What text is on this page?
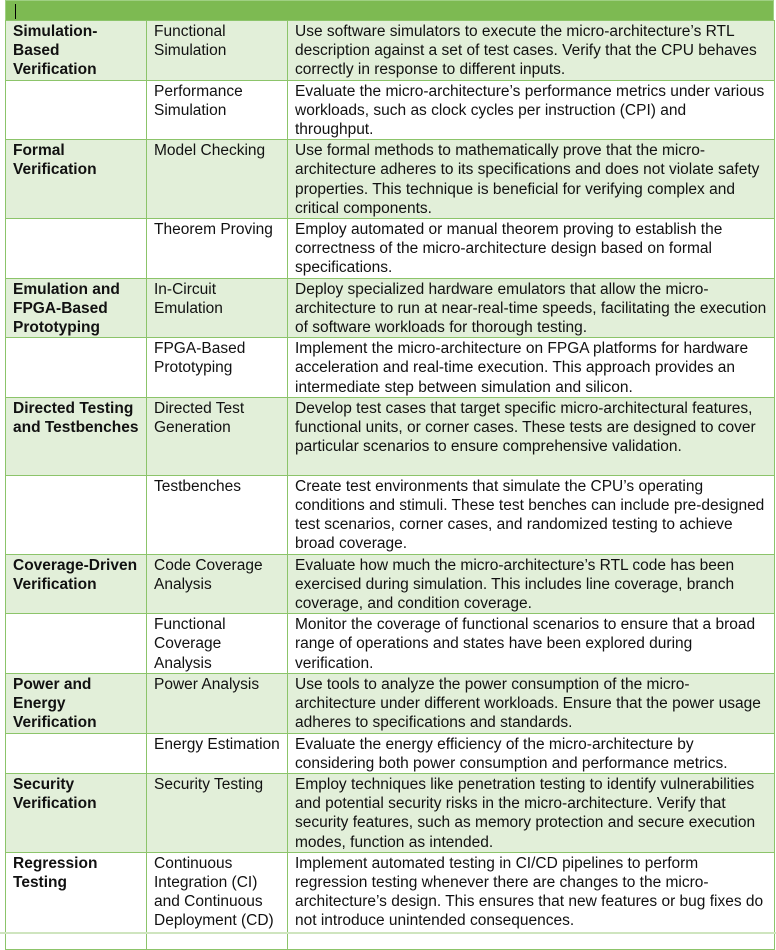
Simulation-Based Verification	Functional Simulation	Use software simulators to execute the micro-architecture’s RTL description against a set of test cases. Verify that the CPU behaves correctly in response to different inputs.
	Performance Simulation	Evaluate the micro-architecture’s performance metrics under various workloads, such as clock cycles per instruction (CPI) and throughput.
Formal Verification	Model Checking	Use formal methods to mathematically prove that the micro-architecture adheres to its specifications and does not violate safety properties. This technique is beneficial for verifying complex and critical components.
	Theorem Proving	Employ automated or manual theorem proving to establish the correctness of the micro-architecture design based on formal specifications.
Emulation and FPGA-Based Prototyping	In-Circuit Emulation	Deploy specialized hardware emulators that allow the micro-architecture to run at near-real-time speeds, facilitating the execution of software workloads for thorough testing.
	FPGA-Based Prototyping	Implement the micro-architecture on FPGA platforms for hardware acceleration and real-time execution. This approach provides an intermediate step between simulation and silicon.
Directed Testing and Testbenches	Directed Test Generation	Develop test cases that target specific micro-architectural features, functional units, or corner cases. These tests are designed to cover particular scenarios to ensure comprehensive validation.
	Testbenches	Create test environments that simulate the CPU’s operating conditions and stimuli. These test benches can include pre-designed test scenarios, corner cases, and randomized testing to achieve broad coverage.
Coverage-Driven Verification	Code Coverage Analysis	Evaluate how much the micro-architecture’s RTL code has been exercised during simulation. This includes line coverage, branch coverage, and condition coverage.
	Functional Coverage Analysis	Monitor the coverage of functional scenarios to ensure that a broad range of operations and states have been explored during verification.
Power and Energy Verification	Power Analysis	Use tools to analyze the power consumption of the micro-architecture under different workloads. Ensure that the power usage adheres to specifications and standards.
	Energy Estimation	Evaluate the energy efficiency of the micro-architecture by considering both power consumption and performance metrics.
Security Verification	Security Testing	Employ techniques like penetration testing to identify vulnerabilities and potential security risks in the micro-architecture. Verify that security features, such as memory protection and secure execution modes, function as intended.
Regression Testing	Continuous Integration (CI) and Continuous Deployment (CD)	Implement automated testing in CI/CD pipelines to perform regression testing whenever there are changes to the micro-architecture’s design. This ensures that new features or bug fixes do not introduce unintended consequences.
